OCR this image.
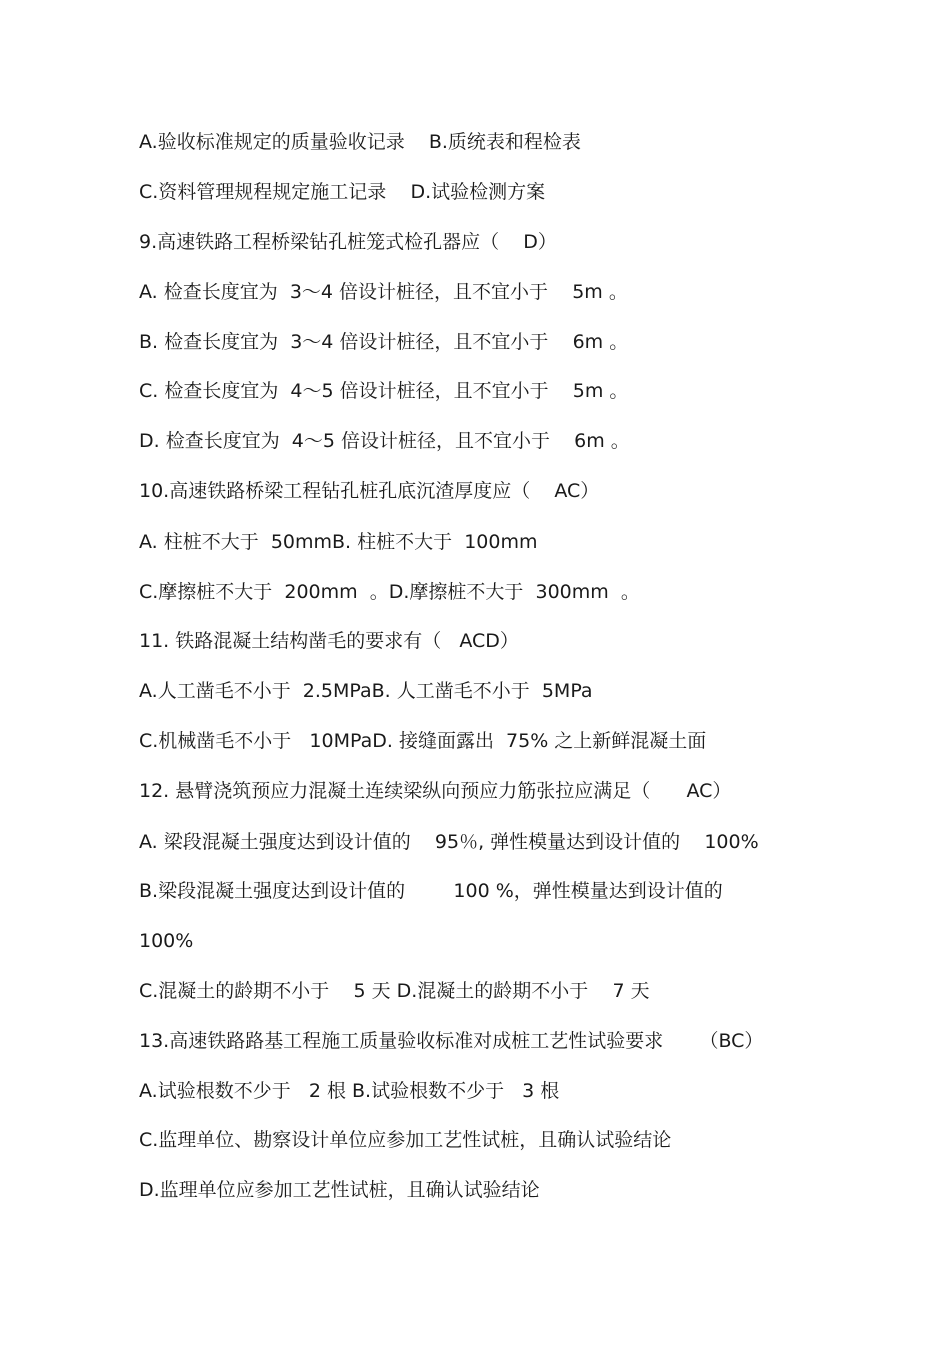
A.验收标准规定的质量验收记录    B.质统表和程检表
C.资料管理规程规定施工记录    D.试验检测方案
9.高速铁路工程桥梁钻孔桩笼式检孔器应（    D）
A. 检查长度宜为  3～4 倍设计桩径，且不宜小于    5m 。
B. 检查长度宜为  3～4 倍设计桩径，且不宜小于    6m 。
C. 检查长度宜为  4～5 倍设计桩径，且不宜小于    5m 。
D. 检查长度宜为  4～5 倍设计桩径，且不宜小于    6m 。
10.高速铁路桥梁工程钻孔桩孔底沉渣厚度应（    AC）
A. 柱桩不大于  50mmB. 柱桩不大于  100mm
C.摩擦桩不大于  200mm  。D.摩擦桩不大于  300mm  。
11. 铁路混凝土结构凿毛的要求有（   ACD）
A.人工凿毛不小于  2.5MPaB. 人工凿毛不小于  5MPa
C.机械凿毛不小于   10MPaD. 接缝面露出  75% 之上新鲜混凝土面
12. 悬臂浇筑预应力混凝土连续梁纵向预应力筋张拉应满足（      AC）
A. 梁段混凝土强度达到设计值的    95％, 弹性模量达到设计值的    100%
B.梁段混凝土强度达到设计值的        100 %，弹性模量达到设计值的
100%
C.混凝土的龄期不小于    5 天 D.混凝土的龄期不小于    7 天
13.高速铁路路基工程施工质量验收标准对成桩工艺性试验要求      （BC）
A.试验根数不少于   2 根 B.试验根数不少于   3 根
C.监理单位、勘察设计单位应参加工艺性试桩，且确认试验结论
D.监理单位应参加工艺性试桩，且确认试验结论
